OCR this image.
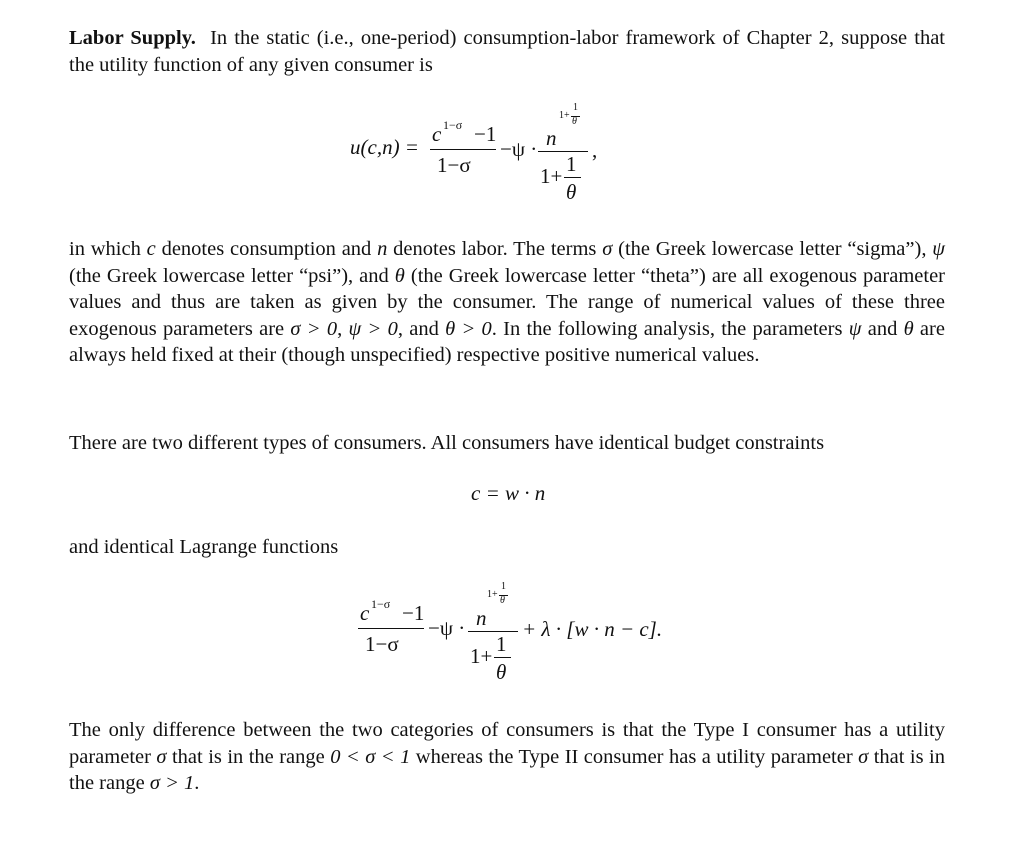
Labor Supply. In the static (i.e., one-period) consumption-labor framework of Chapter 2, suppose that the utility function of any given consumer is

u(c,n) =
c 1−σ −1
1−σ
−ψ ·
1+
1
θ
n
1
1+
θ
,

in which c denotes consumption and n denotes labor. The terms σ (the Greek lowercase letter “sigma”), ψ (the Greek lowercase letter “psi”), and θ (the Greek lowercase letter “theta”) are all exogenous parameter values and thus are taken as given by the consumer. The range of numerical values of these three exogenous parameters are σ > 0, ψ > 0, and θ > 0. In the following analysis, the parameters ψ and θ are always held fixed at their (though unspecified) respective positive numerical values.

There are two different types of consumers. All consumers have identical budget constraints

c = w · n

and identical Lagrange functions

c 1−σ −1
1−σ
−ψ ·
1+
1
θ
n
1
1+
θ
+ λ · [w · n − c].

The only difference between the two categories of consumers is that the Type I consumer has a utility parameter σ that is in the range 0 < σ < 1 whereas the Type II consumer has a utility parameter σ that is in the range σ > 1.
